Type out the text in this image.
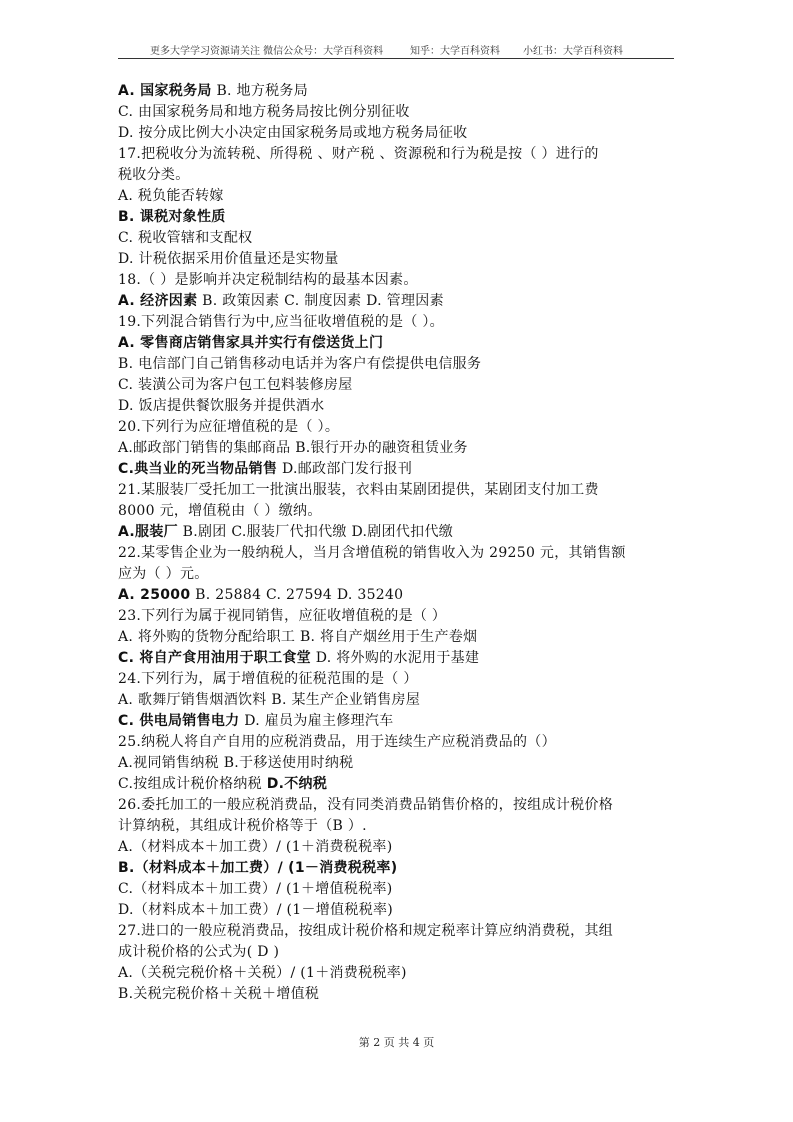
更多大学学习资源请关注 微信公众号：大学百科资料	知乎：大学百科资料 小红书：大学百科资料
A. 国家税务局 B. 地方税务局
C. 由国家税务局和地方税务局按比例分别征收
D. 按分成比例大小决定由国家税务局或地方税务局征收
17.把税收分为流转税、所得税 、财产税 、资源税和行为税是按（ ）进行的
税收分类。
A. 税负能否转嫁
B. 课税对象性质
C. 税收管辖和支配权
D. 计税依据采用价值量还是实物量
18.（ ）是影响并决定税制结构的最基本因素。
A. 经济因素 B. 政策因素 C. 制度因素 D. 管理因素
19.下列混合销售行为中,应当征收增值税的是（ ）。
A. 零售商店销售家具并实行有偿送货上门
B. 电信部门自己销售移动电话并为客户有偿提供电信服务
C. 装潢公司为客户包工包料装修房屋
D. 饭店提供餐饮服务并提供酒水
20.下列行为应征增值税的是（ ）。
A.邮政部门销售的集邮商品 B.银行开办的融资租赁业务
C.典当业的死当物品销售 D.邮政部门发行报刊
21.某服装厂受托加工一批演出服装，衣料由某剧团提供，某剧团支付加工费
8000 元，增值税由（ ）缴纳。
A.服装厂 B.剧团 C.服装厂代扣代缴 D.剧团代扣代缴
22.某零售企业为一般纳税人，当月含增值税的销售收入为 29250 元，其销售额
应为（ ）元。
A. 25000 B. 25884 C. 27594 D. 35240
23.下列行为属于视同销售，应征收增值税的是（ ）
A. 将外购的货物分配给职工 B. 将自产烟丝用于生产卷烟
C. 将自产食用油用于职工食堂 D. 将外购的水泥用于基建
24.下列行为，属于增值税的征税范围的是（ ）
A. 歌舞厅销售烟酒饮料 B. 某生产企业销售房屋
C. 供电局销售电力 D. 雇员为雇主修理汽车
25.纳税人将自产自用的应税消费品，用于连续生产应税消费品的（）
A.视同销售纳税 B.于移送使用时纳税
C.按组成计税价格纳税 D.不纳税
26.委托加工的一般应税消费品，没有同类消费品销售价格的，按组成计税价格
计算纳税，其组成计税价格等于（B ）.
A.（材料成本＋加工费）/ (1＋消费税税率)
B.（材料成本＋加工费）/ (1－消费税税率)
C.（材料成本＋加工费）/ (1＋增值税税率)
D.（材料成本＋加工费）/ (1－增值税税率)
27.进口的一般应税消费品，按组成计税价格和规定税率计算应纳消费税，其组
成计税价格的公式为( D )
A.（关税完税价格＋关税）/ (1＋消费税税率)
B.关税完税价格＋关税＋增值税
第 2 页 共 4 页
